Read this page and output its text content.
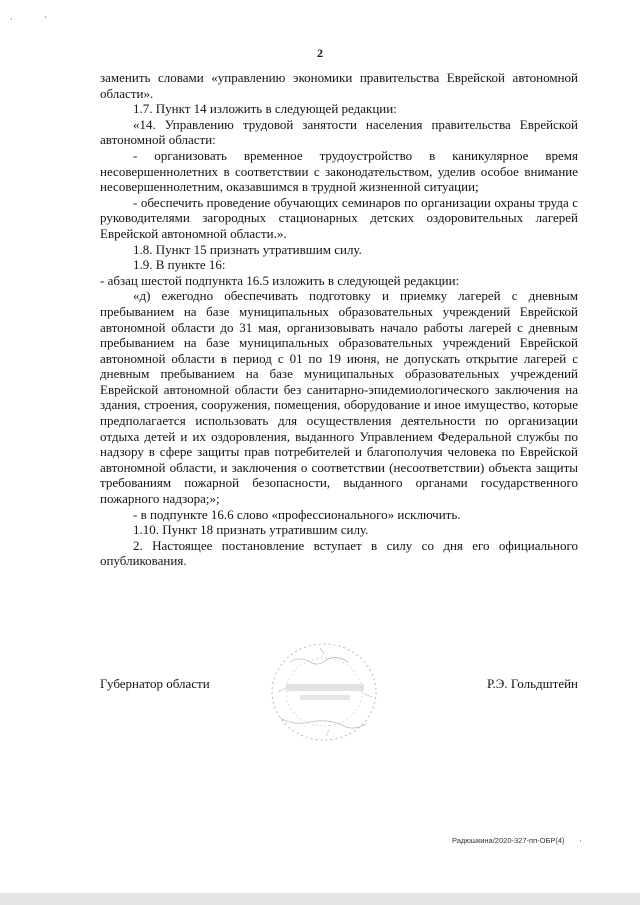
·	·
2

заменить словами «управлению экономики правительства Еврейской автономной области».

1.7. Пункт 14 изложить в следующей редакции:

«14. Управлению трудовой занятости населения правительства Еврейской автономной области:

- организовать временное трудоустройство в каникулярное время несовершеннолетних в соответствии с законодательством, уделив особое внимание несовершеннолетним, оказавшимся в трудной жизненной ситуации;

- обеспечить проведение обучающих семинаров по организации охраны труда с руководителями загородных стационарных детских оздоровительных лагерей Еврейской автономной области.».

1.8. Пункт 15 признать утратившим силу.

1.9. В пункте 16:

- абзац шестой подпункта 16.5 изложить в следующей редакции:

«д) ежегодно обеспечивать подготовку и приемку лагерей с дневным пребыванием на базе муниципальных образовательных учреждений Еврейской автономной области до 31 мая, организовывать начало работы лагерей с дневным пребыванием на базе муниципальных образовательных учреждений Еврейской автономной области в период с 01 по 19 июня, не допускать открытие лагерей с дневным пребыванием на базе муниципальных образовательных учреждений Еврейской автономной области без санитарно-эпидемиологического заключения на здания, строения, сооружения, помещения, оборудование и иное имущество, которые предполагается использовать для осуществления деятельности по организации отдыха детей и их оздоровления, выданного Управлением Федеральной службы по надзору в сфере защиты прав потребителей и благополучия человека по Еврейской автономной области, и заключения о соответствии (несоответствии) объекта защиты требованиям пожарной безопасности, выданного органами государственного пожарного надзора;»;

- в подпункте 16.6 слово «профессионального» исключить.

1.10. Пункт 18 признать утратившим силу.

2. Настоящее постановление вступает в силу со дня его официального опубликования.

Губернатор области	Р.Э. Гольдштейн
Радюшкина/2020-327-пп-ОБР(4) ·
